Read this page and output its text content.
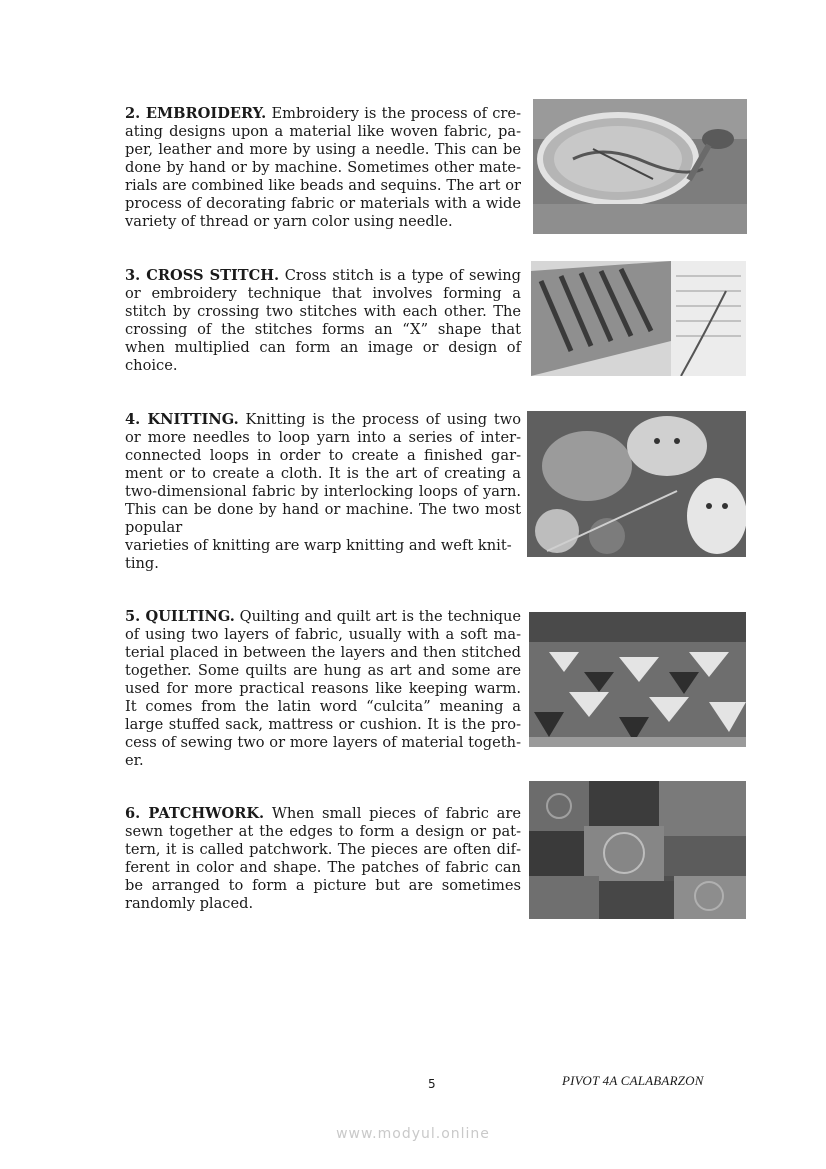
2. EMBROIDERY. Embroidery is the process of creating designs upon a material like woven fabric, paper, leather and more by using a needle. This can be done by hand or by machine. Sometimes other materials are combined like beads and sequins. The art or process of decorating fabric or materials with a wide variety of thread or yarn color using needle.
3. CROSS STITCH. Cross stitch is a type of sewing or embroidery technique that involves forming a stitch by crossing two stitches with each other. The crossing of the stitches forms an “X” shape that when multiplied can form an image or design of choice.
4. KNITTING. Knitting is the process of using two or more needles to loop yarn into a series of interconnected loops in order to create a finished garment or to create a cloth. It is the art of creating a two-dimensional fabric by interlocking loops of yarn. This can be done by hand or machine. The two most popular
varieties of knitting are warp knitting and weft knitting.
5. QUILTING. Quilting and quilt art is the technique of using two layers of fabric, usually with a soft material placed in between the layers and then stitched together. Some quilts are hung as art and some are used for more practical reasons like keeping warm. It comes from the latin word “culcita” meaning a large stuffed sack, mattress or cushion. It is the process of sewing two or more layers of material together.
6. PATCHWORK. When small pieces of fabric are sewn together at the edges to form a design or pattern, it is called patchwork. The pieces are often different in color and shape. The patches of fabric can be arranged to form a picture but are sometimes randomly placed.
5	PIVOT 4A CALABARZON
www.modyul.online
